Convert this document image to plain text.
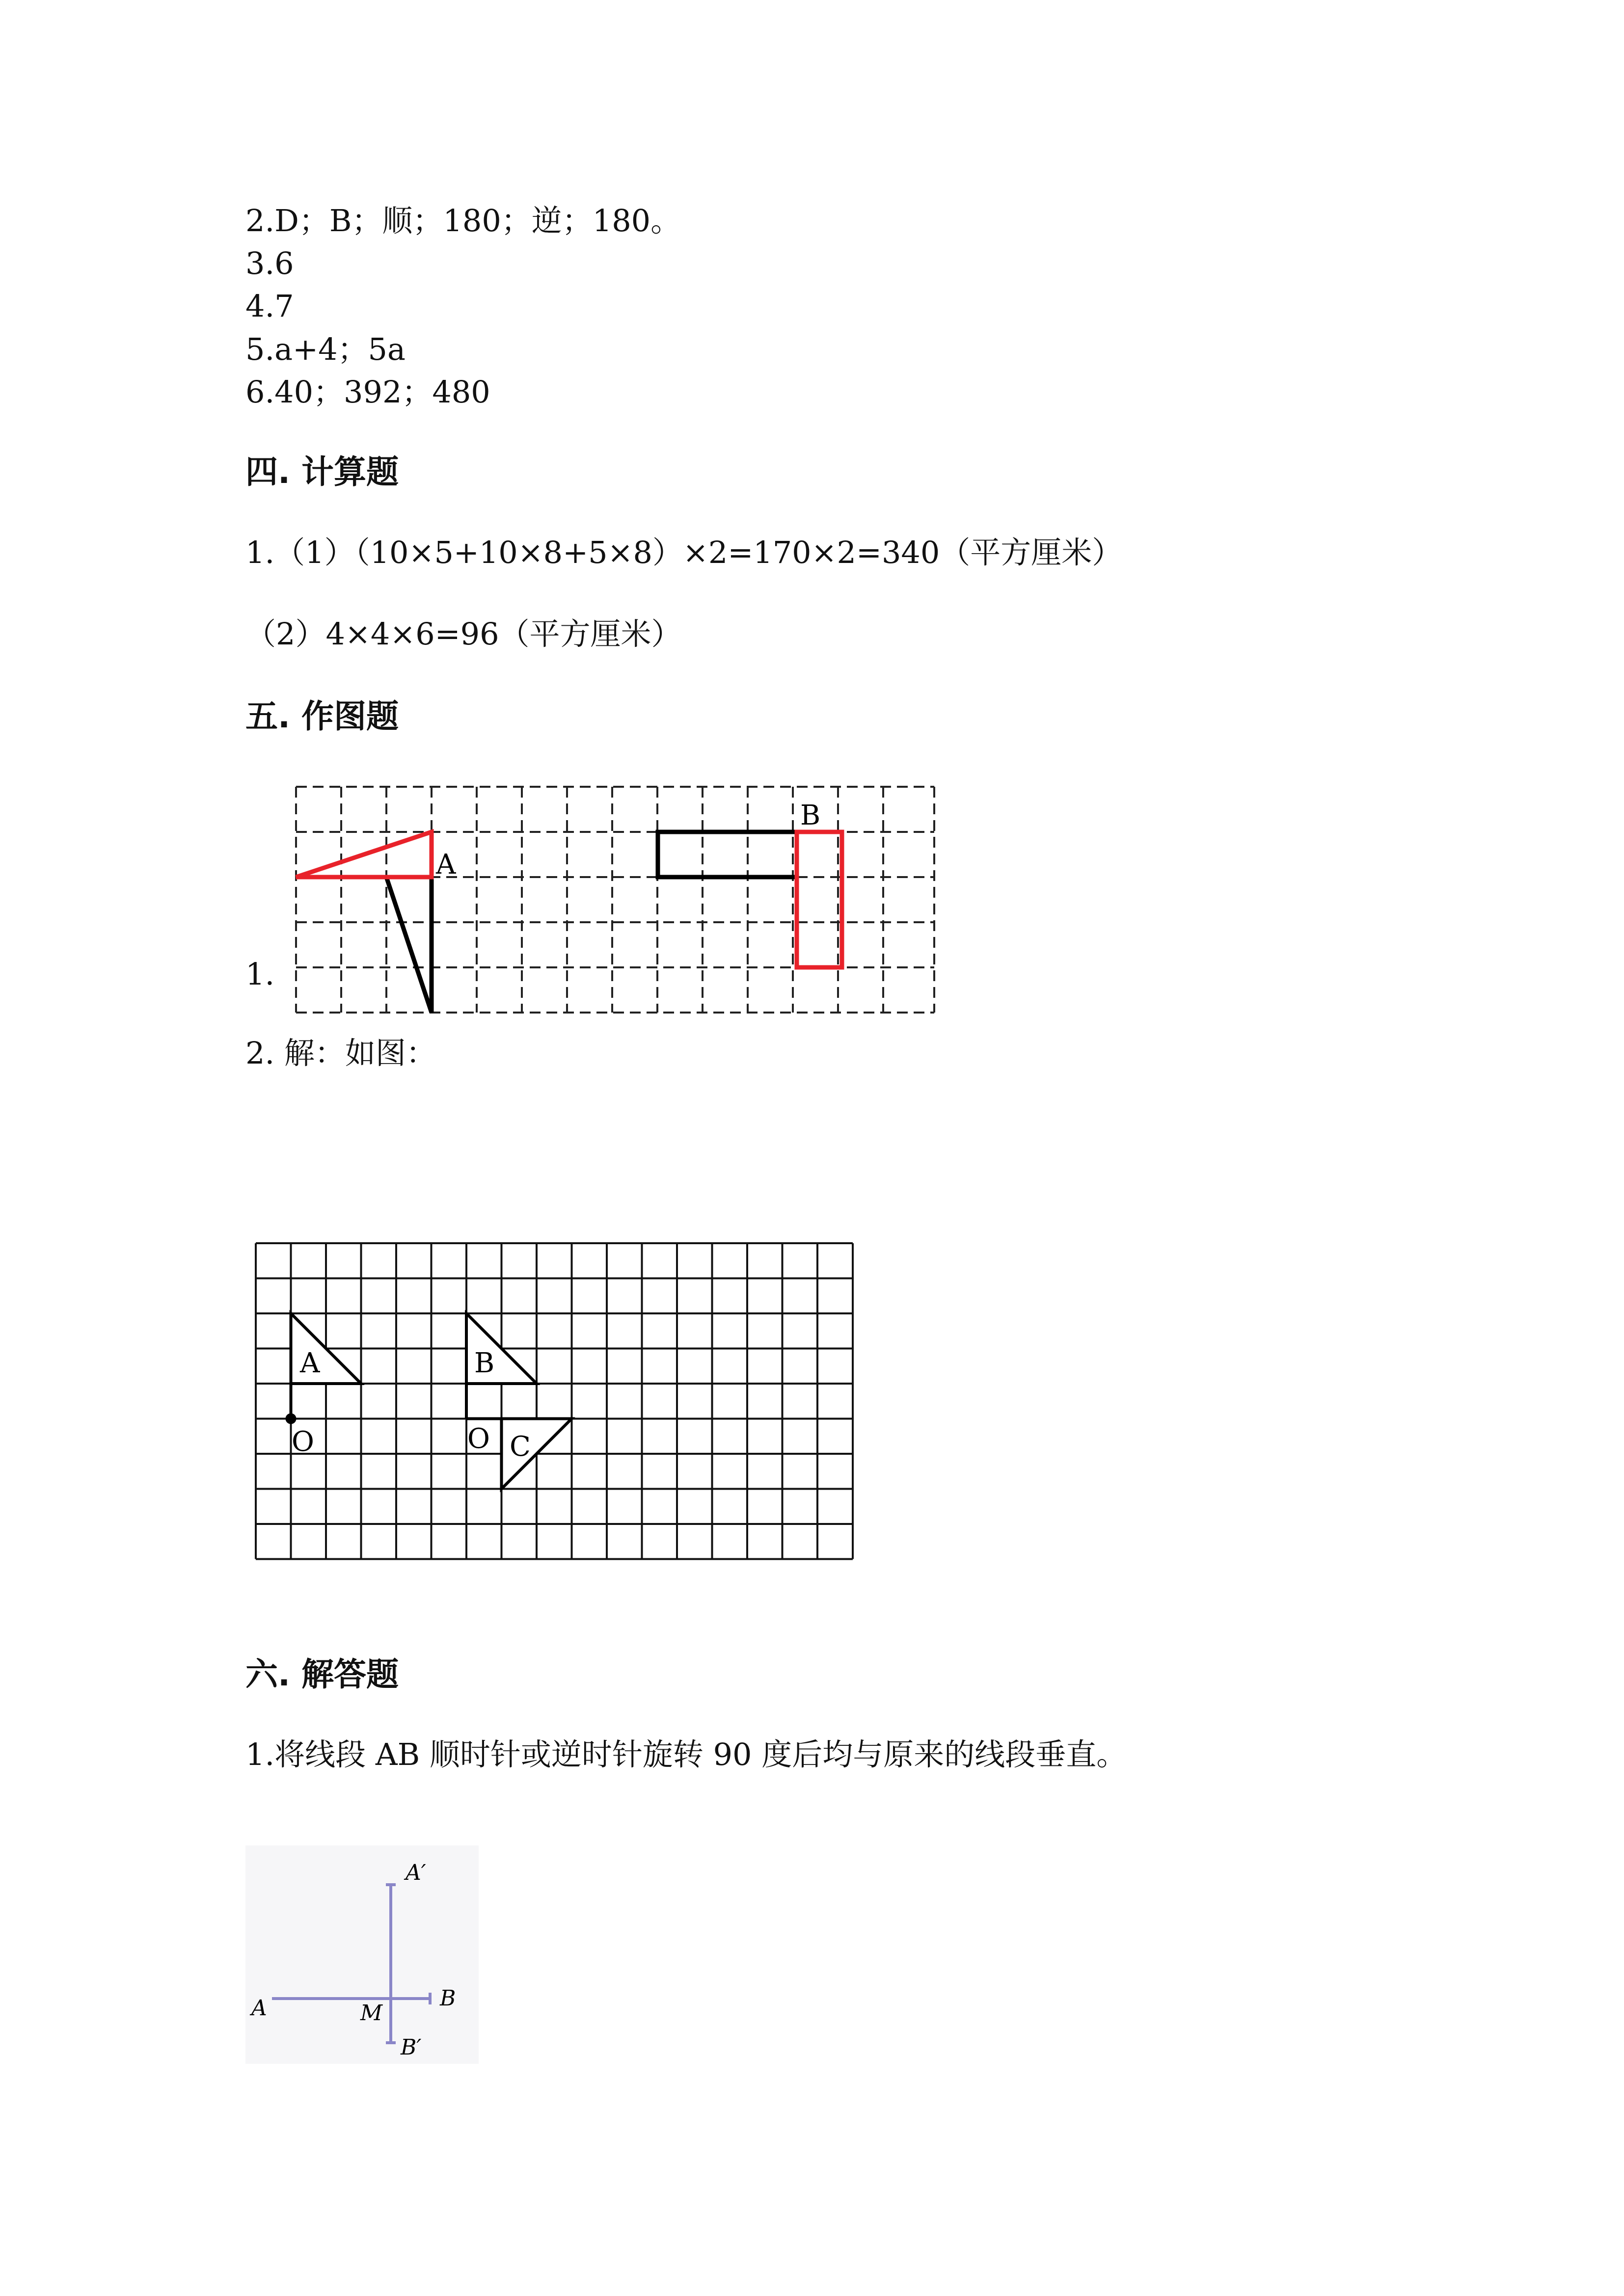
2.D；B；顺；180；逆；180。
3.6
4.7
5.a+4；5a
6.40；392；480
四. 计算题
1.（1）（10×5+10×8+5×8）×2=170×2=340（平方厘米）
（2）4×4×6=96（平方厘米）
五. 作图题
1.
A
B
2. 解：如图：
A	B
C
O	O
六. 解答题
1.将线段 AB 顺时针或逆时针旋转 90 度后均与原来的线段垂直。
A	B
M
A′
B′
